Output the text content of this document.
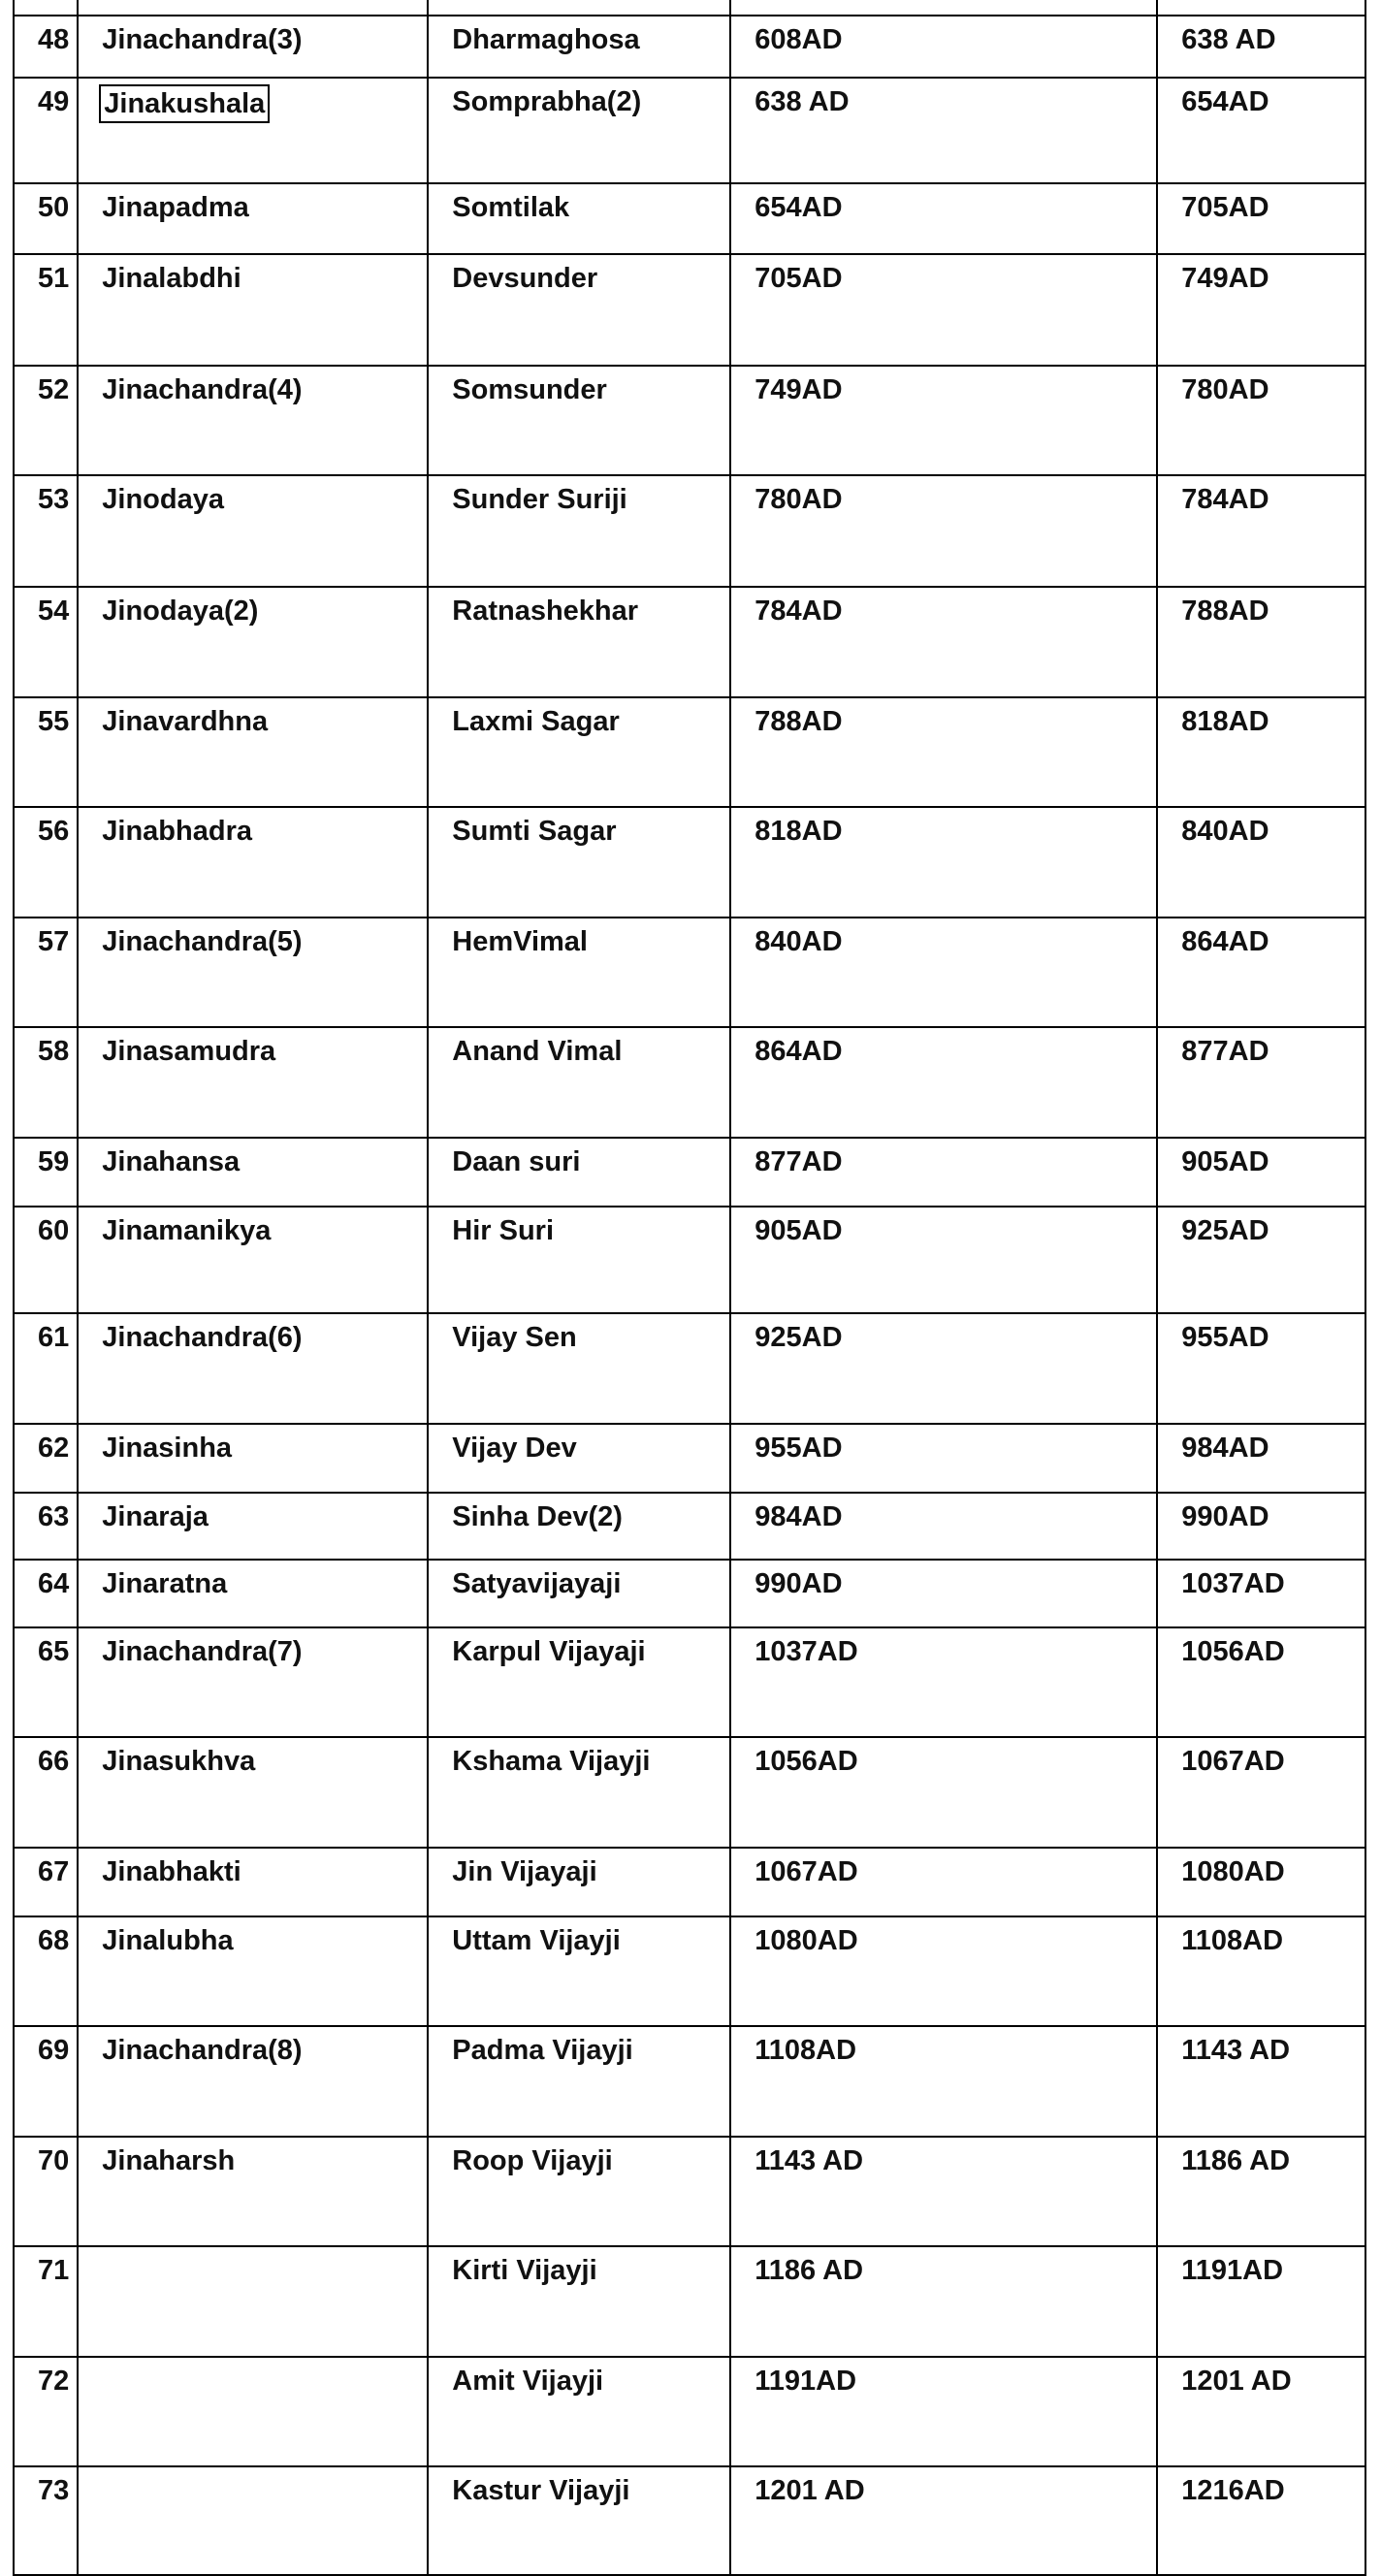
48	Jinachandra(3)	Dharmaghosa	608AD	638 AD
49	Jinakushala	Somprabha(2)	638 AD	654AD
50	Jinapadma	Somtilak	654AD	705AD
51	Jinalabdhi	Devsunder	705AD	749AD
52	Jinachandra(4)	Somsunder	749AD	780AD
53	Jinodaya	Sunder Suriji	780AD	784AD
54	Jinodaya(2)	Ratnashekhar	784AD	788AD
55	Jinavardhna	Laxmi Sagar	788AD	818AD
56	Jinabhadra	Sumti Sagar	818AD	840AD
57	Jinachandra(5)	HemVimal	840AD	864AD
58	Jinasamudra	Anand Vimal	864AD	877AD
59	Jinahansa	Daan suri	877AD	905AD
60	Jinamanikya	Hir Suri	905AD	925AD
61	Jinachandra(6)	Vijay Sen	925AD	955AD
62	Jinasinha	Vijay Dev	955AD	984AD
63	Jinaraja	Sinha Dev(2)	984AD	990AD
64	Jinaratna	Satyavijayaji	990AD	1037AD
65	Jinachandra(7)	Karpul Vijayaji	1037AD	1056AD
66	Jinasukhva	Kshama Vijayji	1056AD	1067AD
67	Jinabhakti	Jin Vijayaji	1067AD	1080AD
68	Jinalubha	Uttam Vijayji	1080AD	1108AD
69	Jinachandra(8)	Padma Vijayji	1108AD	1143 AD
70	Jinaharsh	Roop Vijayji	1143 AD	1186 AD
71		Kirti Vijayji	1186 AD	1191AD
72		Amit Vijayji	1191AD	1201 AD
73		Kastur Vijayji	1201 AD	1216AD
